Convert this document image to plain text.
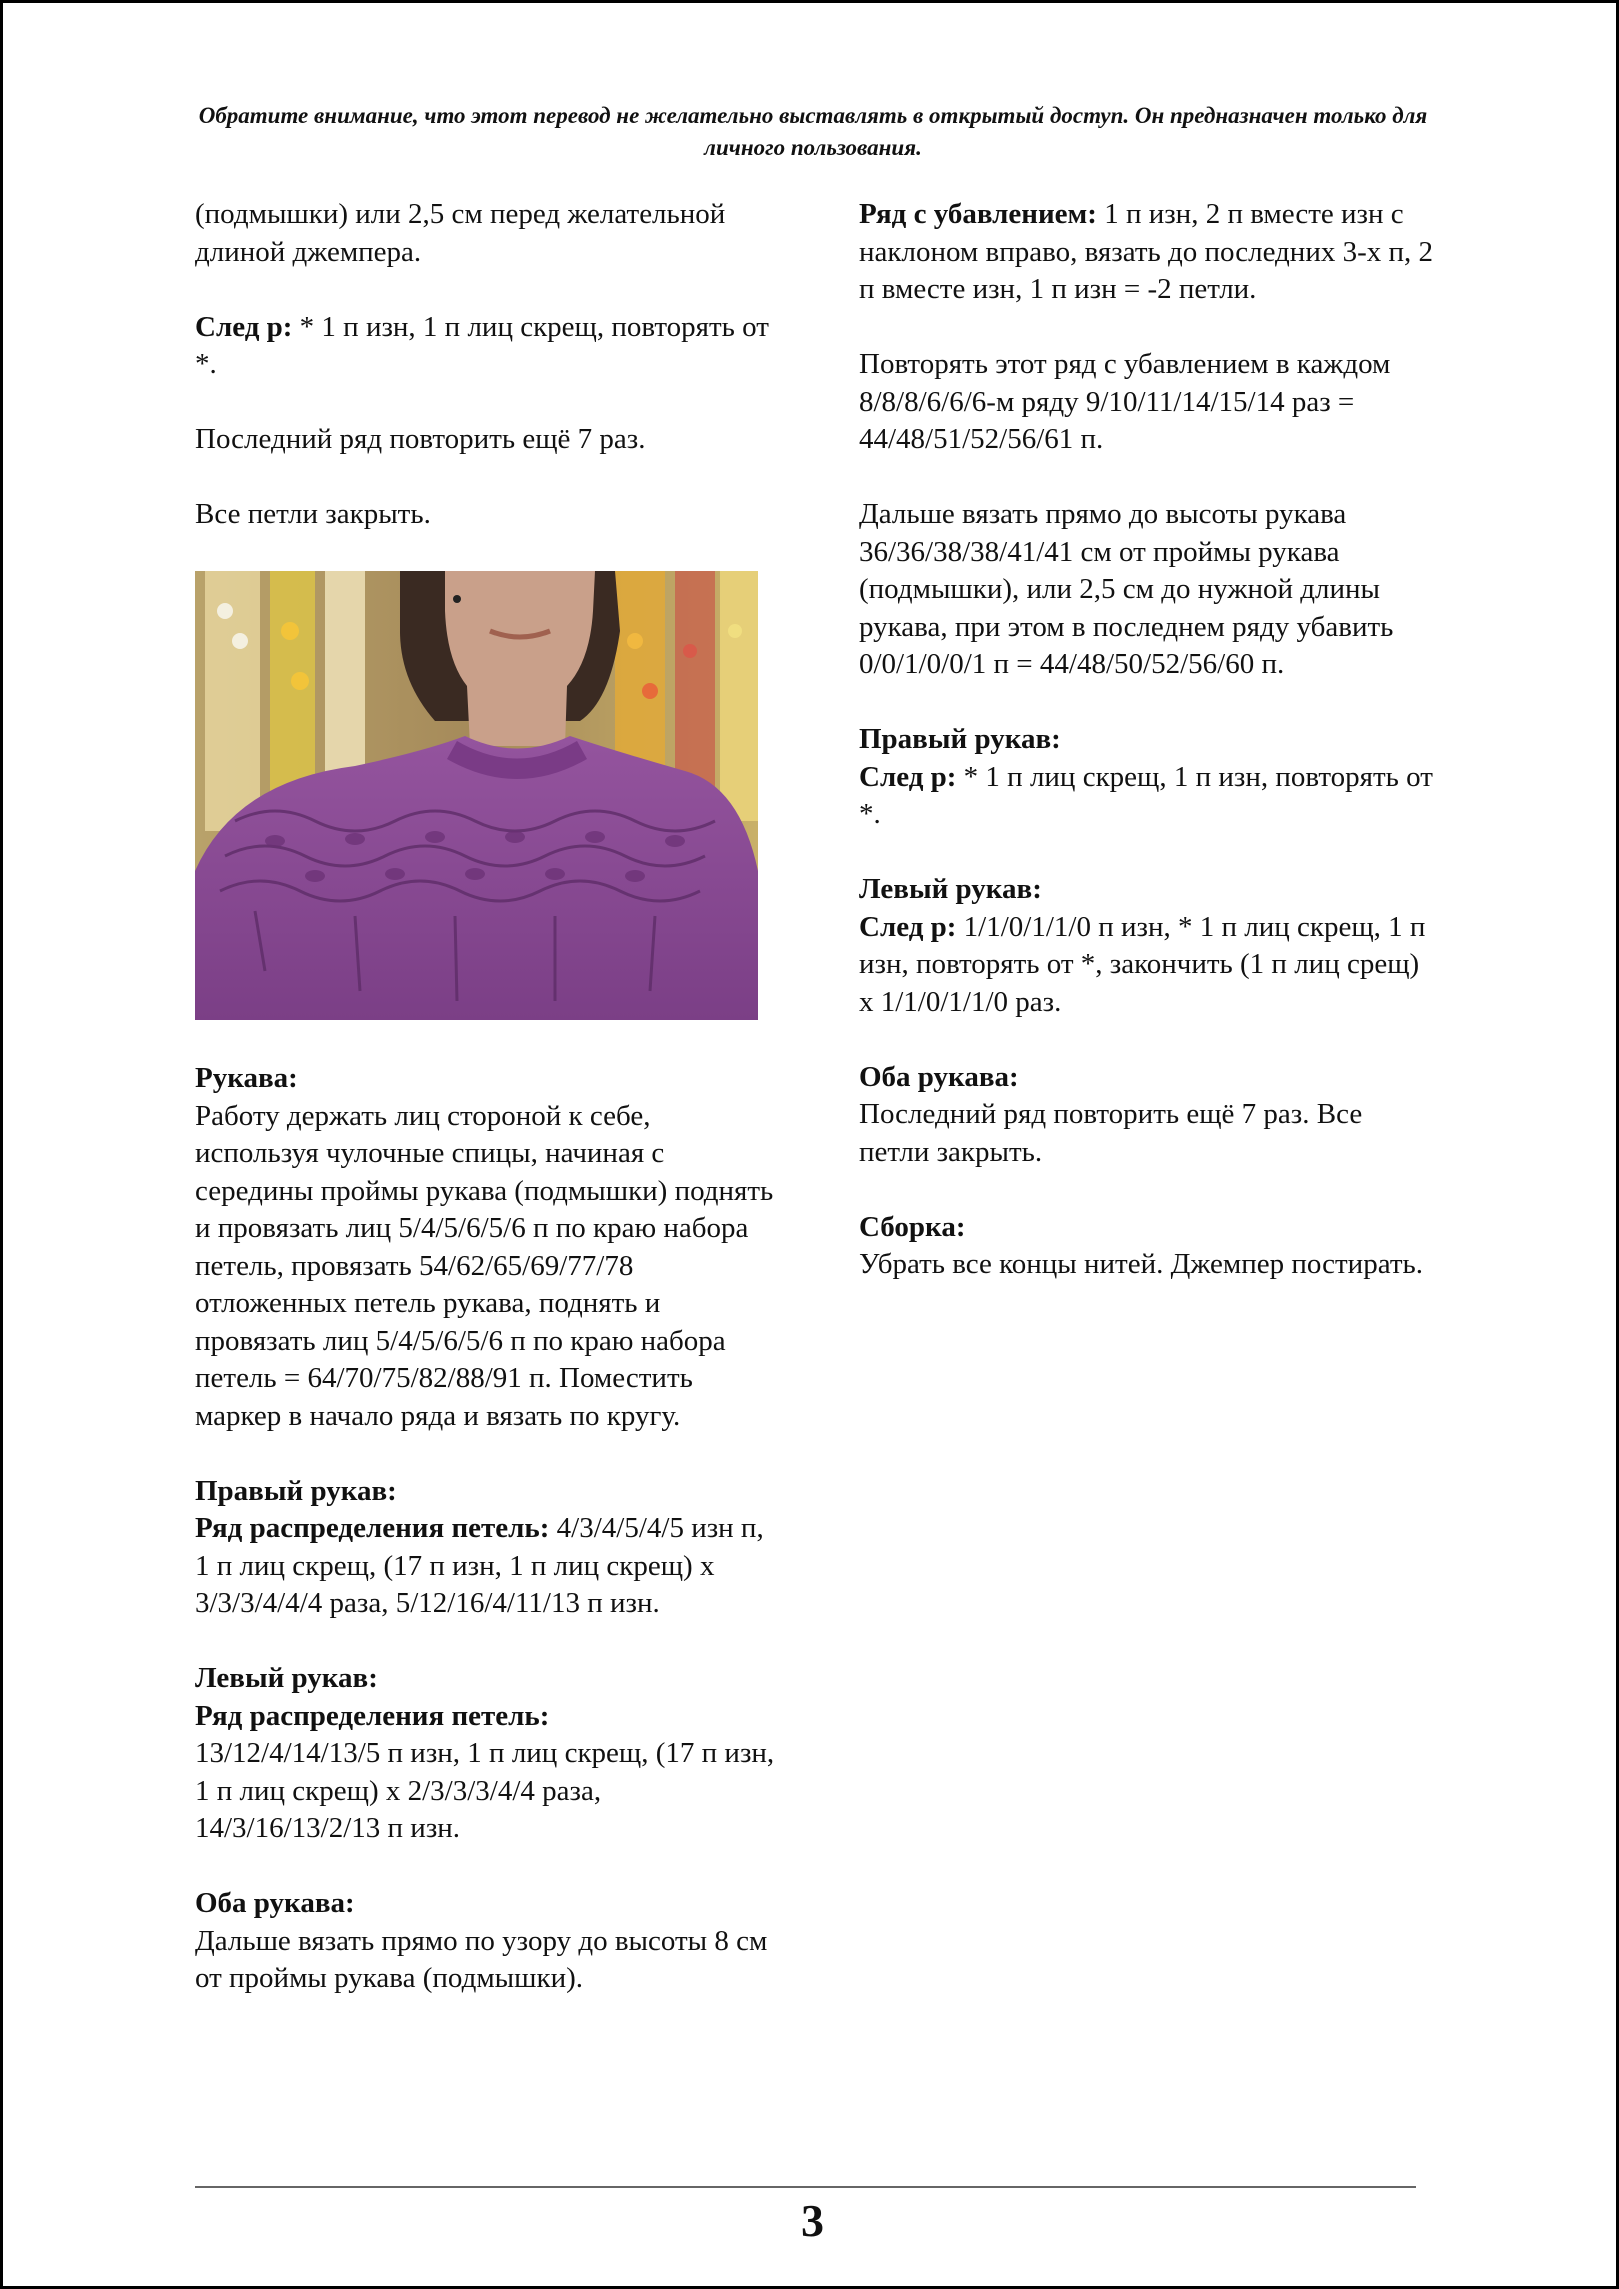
Обратите внимание, что этот перевод не желательно выставлять в открытый доступ. Он предназначен только для личного пользования.

(подмышки) или 2,5 см перед желательной длиной джемпера.

След р: * 1 п изн, 1 п лиц скрещ, повторять от *.

Последний ряд повторить ещё 7 раз.

Все петли закрыть.

Рукава:
Работу держать лиц стороной к себе, используя чулочные спицы, начиная с середины проймы рукава (подмышки) поднять и провязать лиц 5/4/5/6/5/6 п по краю набора петель, провязать 54/62/65/69/77/78 отложенных петель рукава, поднять и провязать лиц 5/4/5/6/5/6 п по краю набора петель = 64/70/75/82/88/91 п. Поместить маркер в начало ряда и вязать по кругу.

Правый рукав:
Ряд распределения петель: 4/3/4/5/4/5 изн п, 1 п лиц скрещ, (17 п изн, 1 п лиц скрещ) х 3/3/3/4/4/4 раза, 5/12/16/4/11/13 п изн.

Левый рукав:
Ряд распределения петель:
13/12/4/14/13/5 п изн, 1 п лиц скрещ, (17 п изн, 1 п лиц скрещ) х 2/3/3/3/4/4 раза, 14/3/16/13/2/13 п изн.

Оба рукава:
Дальше вязать прямо по узору до высоты 8 см от проймы рукава (подмышки).

Ряд с убавлением: 1 п изн, 2 п вместе изн с наклоном вправо, вязать до последних 3-х п, 2 п вместе изн, 1 п изн = -2 петли.

Повторять этот ряд с убавлением в каждом 8/8/8/6/6/6-м ряду 9/10/11/14/15/14 раз = 44/48/51/52/56/61 п.

Дальше вязать прямо до высоты рукава 36/36/38/38/41/41 см от проймы рукава (подмышки), или 2,5 см до нужной длины рукава, при этом в последнем ряду убавить 0/0/1/0/0/1 п = 44/48/50/52/56/60 п.

Правый рукав:
След р: * 1 п лиц скрещ, 1 п изн, повторять от *.

Левый рукав:
След р: 1/1/0/1/1/0 п изн, * 1 п лиц скрещ, 1 п изн, повторять от *, закончить (1 п лиц срещ) х 1/1/0/1/1/0 раз.

Оба рукава:
Последний ряд повторить ещё 7 раз. Все петли закрыть.

Сборка:
Убрать все концы нитей. Джемпер постирать.

3
